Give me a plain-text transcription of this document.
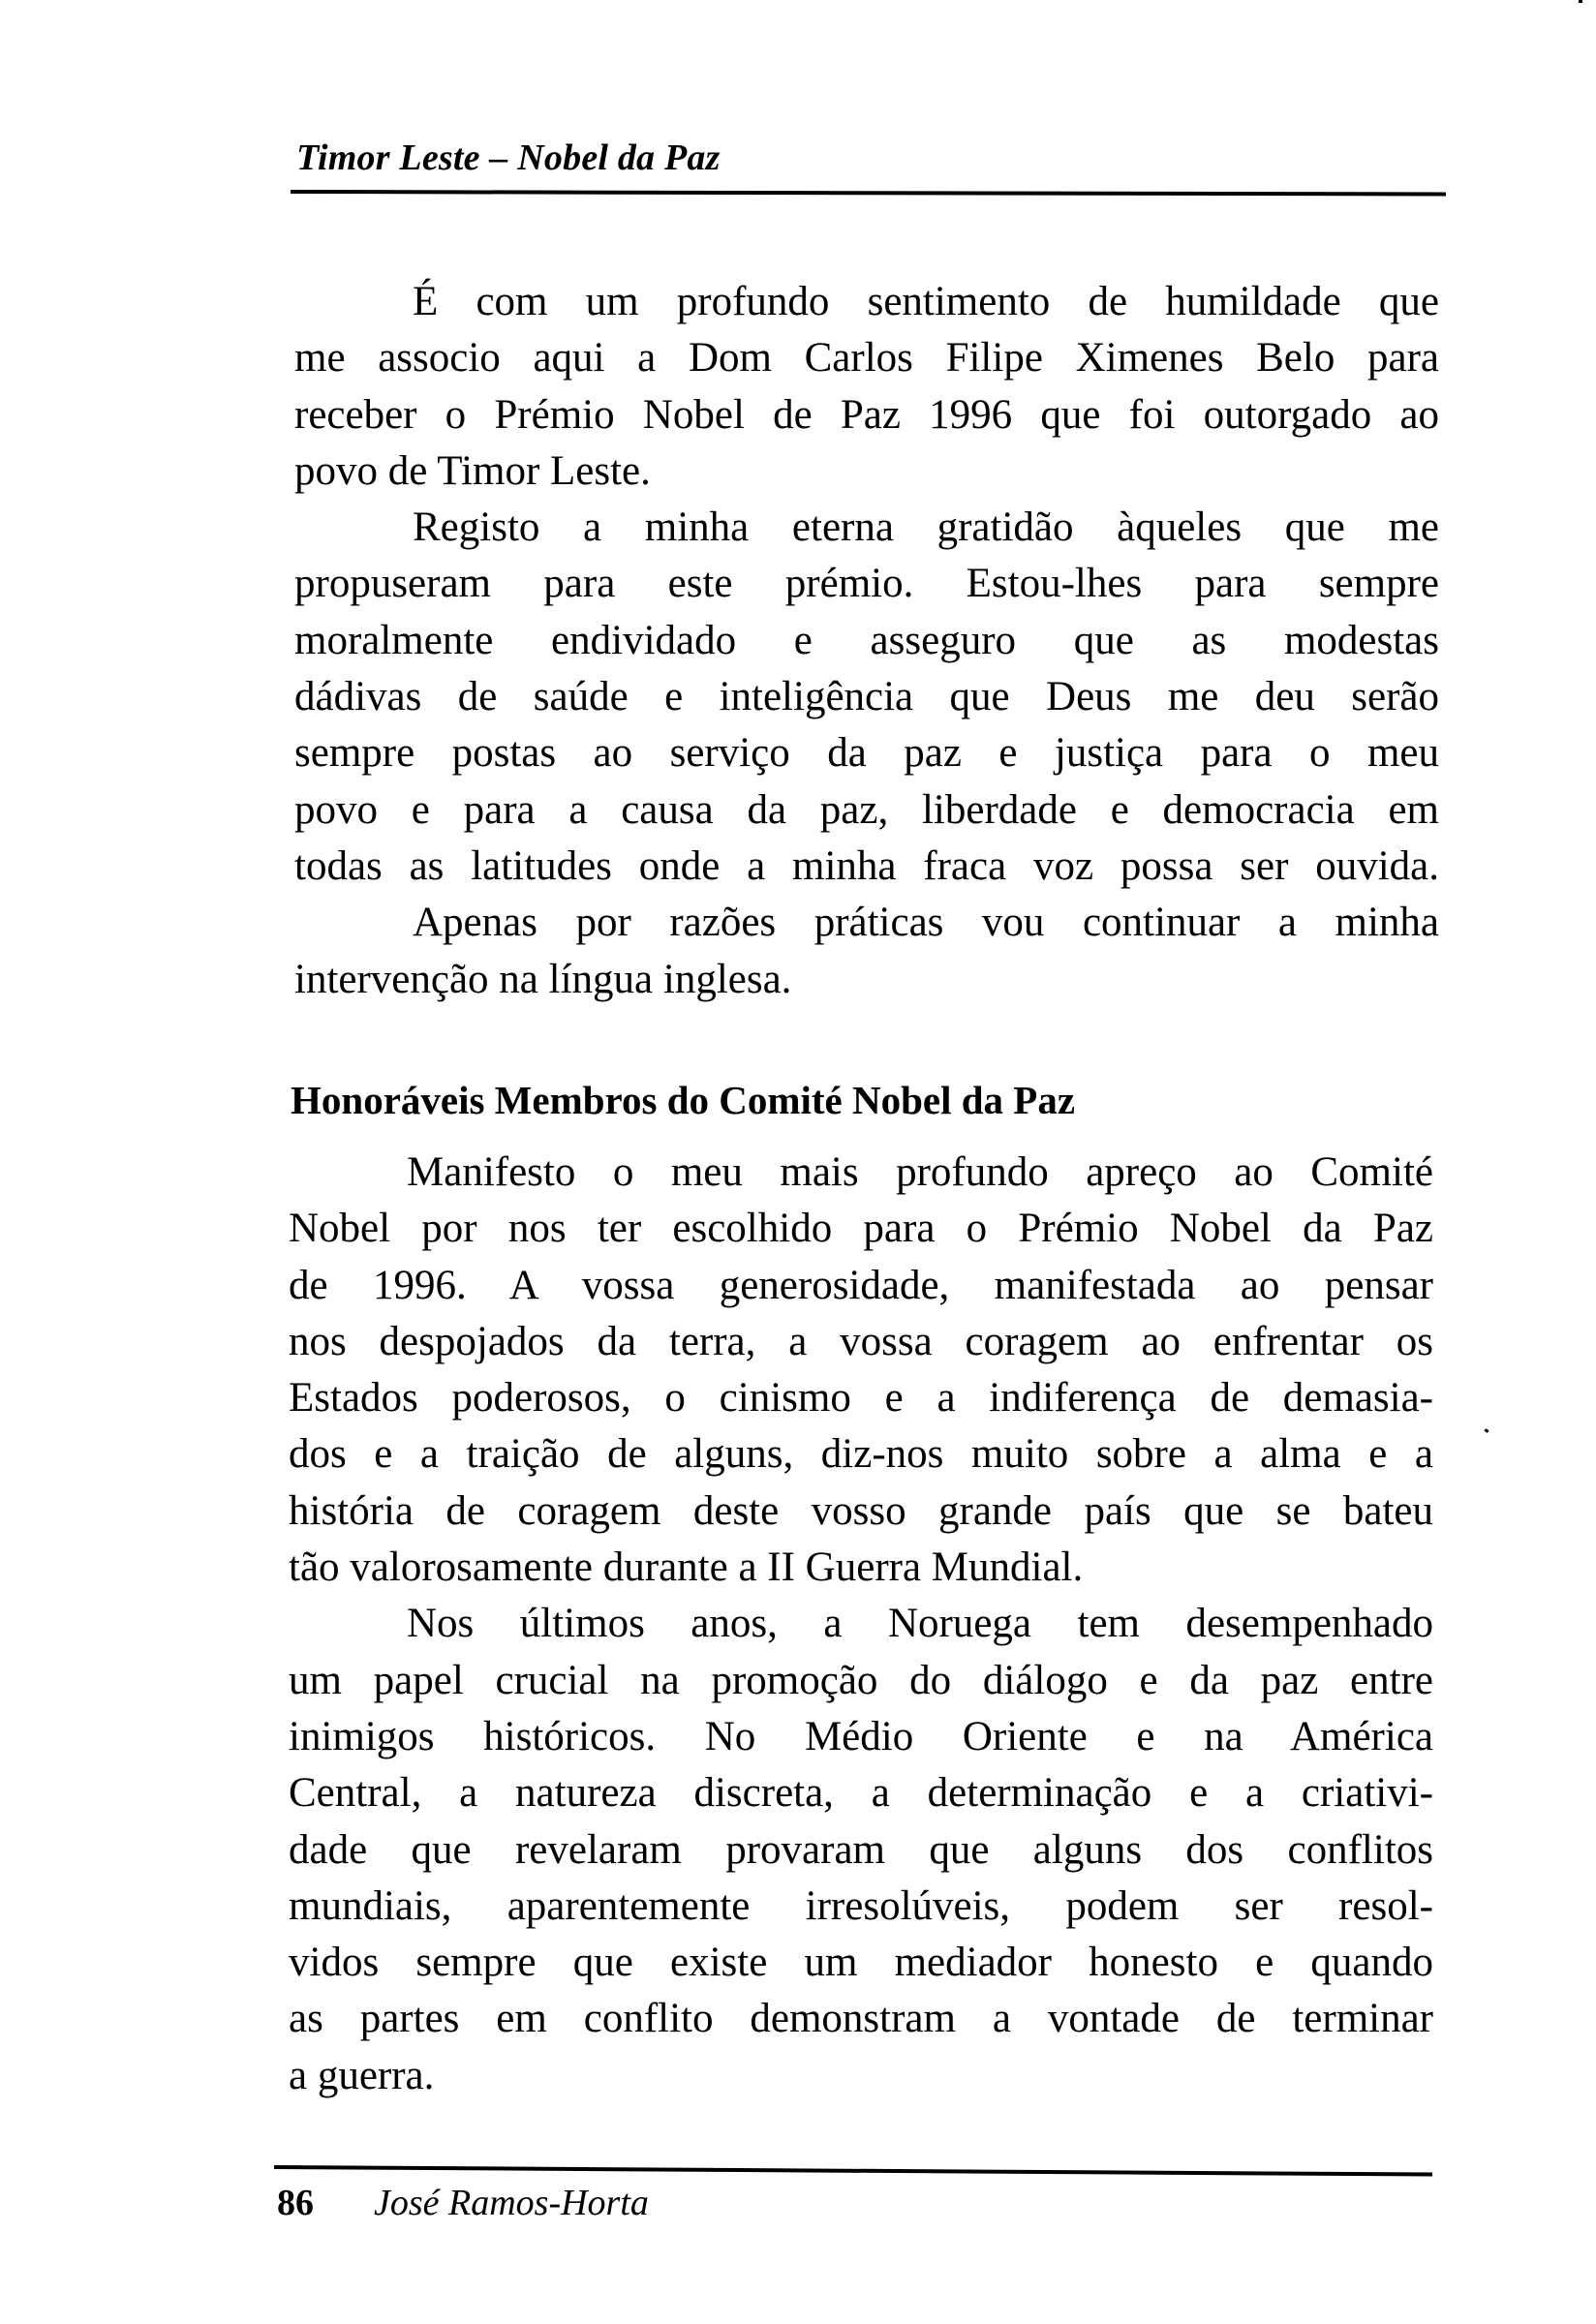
Timor Leste – Nobel da Paz

É com um profundo sentimento de humildade que
me associo aqui a Dom Carlos Filipe Ximenes Belo para
receber o Prémio Nobel de Paz 1996 que foi outorgado ao
povo de Timor Leste.

Registo a minha eterna gratidão àqueles que me
propuseram para este prémio. Estou-lhes para sempre
moralmente endividado e asseguro que as modestas
dádivas de saúde e inteligência que Deus me deu serão
sempre postas ao serviço da paz e justiça para o meu
povo e para a causa da paz, liberdade e democracia em
todas as latitudes onde a minha fraca voz possa ser ouvida.

Apenas por razões práticas vou continuar a minha
intervenção na língua inglesa.

Honoráveis Membros do Comité Nobel da Paz

Manifesto o meu mais profundo apreço ao Comité
Nobel por nos ter escolhido para o Prémio Nobel da Paz
de 1996. A vossa generosidade, manifestada ao pensar
nos despojados da terra, a vossa coragem ao enfrentar os
Estados poderosos, o cinismo e a indiferença de demasia-
dos e a traição de alguns, diz-nos muito sobre a alma e a
história de coragem deste vosso grande país que se bateu
tão valorosamente durante a II Guerra Mundial.

Nos últimos anos, a Noruega tem desempenhado
um papel crucial na promoção do diálogo e da paz entre
inimigos históricos. No Médio Oriente e na América
Central, a natureza discreta, a determinação e a criativi-
dade que revelaram provaram que alguns dos conflitos
mundiais, aparentemente irresolúveis, podem ser resol-
vidos sempre que existe um mediador honesto e quando
as partes em conflito demonstram a vontade de terminar
a guerra.

86 José Ramos-Horta
